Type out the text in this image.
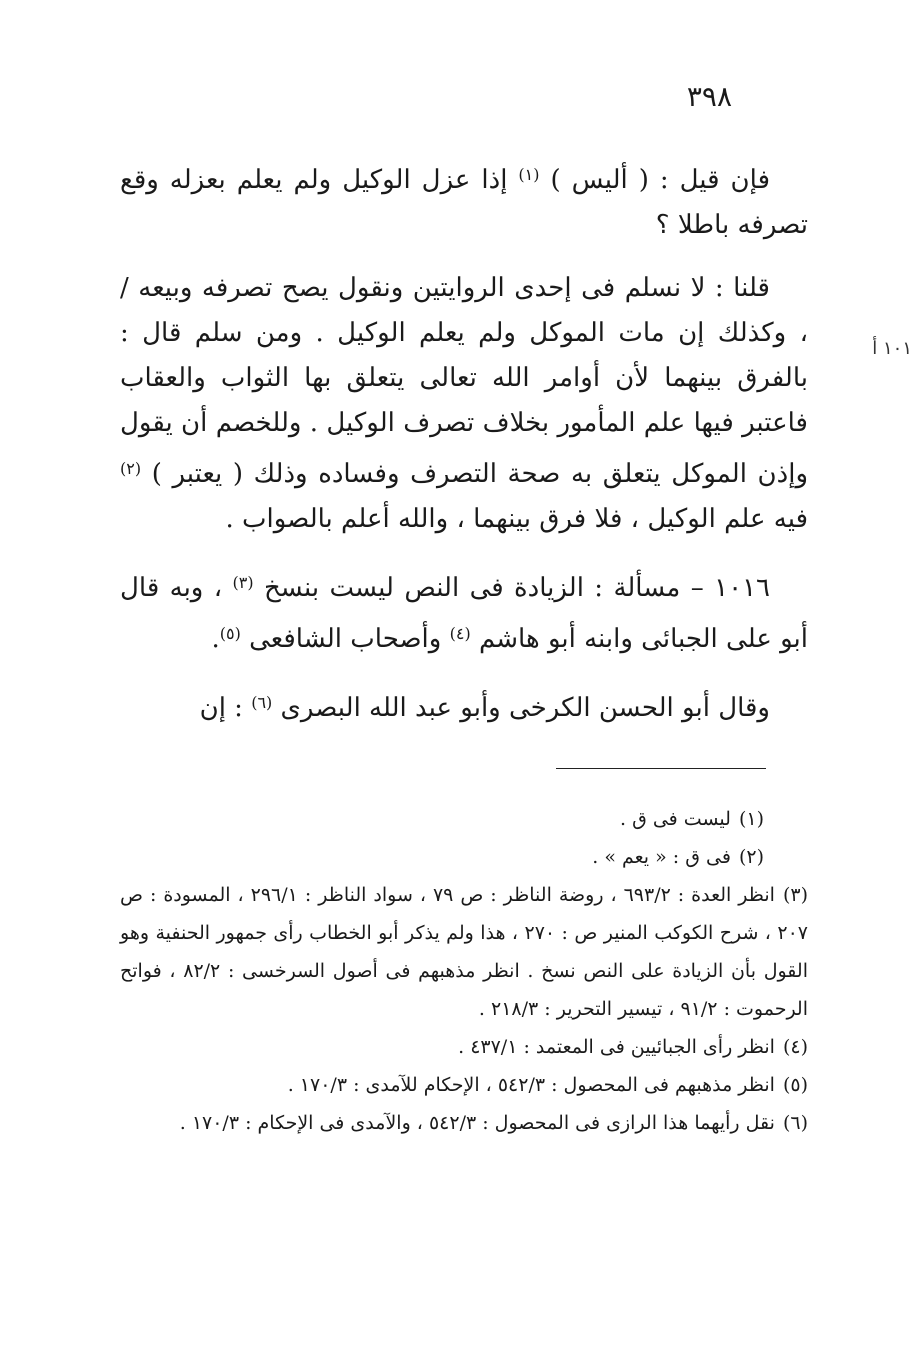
٣٩٨
١٠١ أ

فإن قيل : ( أليس ) $^{(١)}$ إذا عزل الوكيل ولم يعلم بعزله وقع تصرفه باطلا ؟

قلنا : لا نسلم فى إحدى الروايتين ونقول يصح تصرفه وبيعه / ، وكذلك إن مات الموكل ولم يعلم الوكيل . ومن سلم قال : بالفرق بينهما لأن أوامر الله تعالى يتعلق بها الثواب والعقاب فاعتبر فيها علم المأمور بخلاف تصرف الوكيل . وللخصم أن يقول وإذن الموكل يتعلق به صحة التصرف وفساده وذلك ( يعتبر ) $^{(٢)}$ فيه علم الوكيل ، فلا فرق بينهما ، والله أعلم بالصواب .

١٠١٦ – مسألة : الزيادة فى النص ليست بنسخ $^{(٣)}$ ، وبه قال أبو على الجبائى وابنه أبو هاشم $^{(٤)}$ وأصحاب الشافعى $^{(٥)}$.

وقال أبو الحسن الكرخى وأبو عبد الله البصرى $^{(٦)}$ : إن

(١)ليست فى ق .

(٢)فى ق : « يعم » .

(٣)انظر العدة : ٦٩٣/٢ ، روضة الناظر : ص ٧٩ ، سواد الناظر : ٢٩٦/١ ، المسودة : ص ٢٠٧ ، شرح الكوكب المنير ص : ٢٧٠ ، هذا ولم يذكر أبو الخطاب رأى جمهور الحنفية وهو القول بأن الزيادة على النص نسخ . انظر مذهبهم فى أصول السرخسى : ٨٢/٢ ، فواتح الرحموت : ٩١/٢ ، تيسير التحرير : ٢١٨/٣ .

(٤)انظر رأى الجبائيين فى المعتمد : ٤٣٧/١ .

(٥)انظر مذهبهم فى المحصول : ٥٤٢/٣ ، الإحكام للآمدى : ١٧٠/٣ .

(٦)نقل رأيهما هذا الرازى فى المحصول : ٥٤٢/٣ ، والآمدى فى الإحكام : ١٧٠/٣ .
